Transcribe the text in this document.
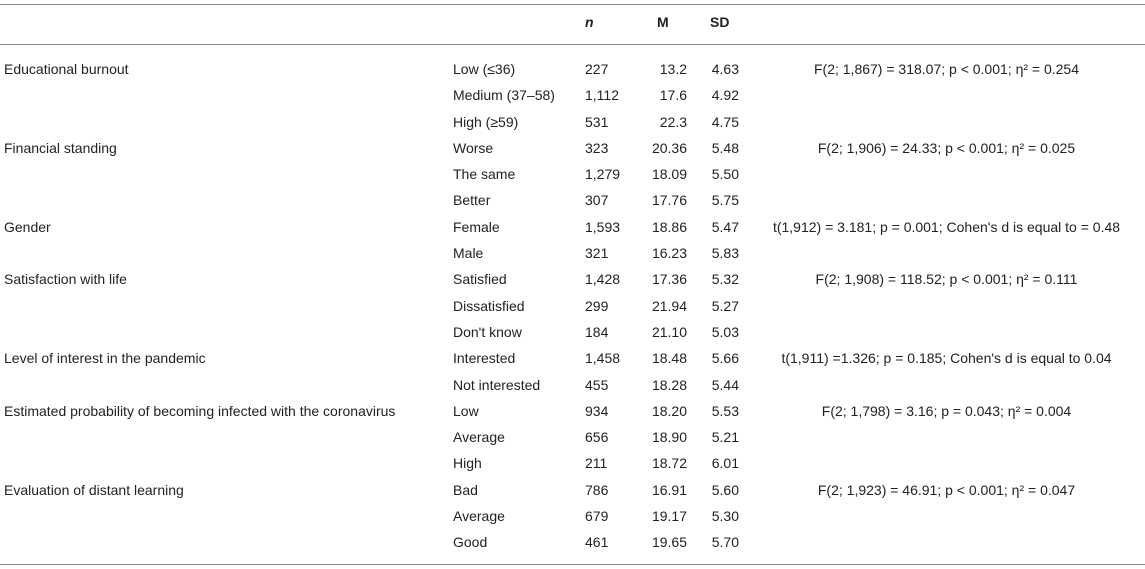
n	M	SD
Educational burnout	Low (≤36)	227	13.2	4.63	F(2; 1,867) = 318.07; p < 0.001; η² = 0.254
Medium (37–58) 1,112	17.6	4.92
High (≥59)	531	22.3	4.75
Financial standing	Worse	323	20.36	5.48	F(2; 1,906) = 24.33; p < 0.001; η² = 0.025
The same	1,279	18.09	5.50
Better	307	17.76	5.75
Gender	Female	1,593	18.86	5.47	t(1,912) = 3.181; p = 0.001; Cohen's d is equal to = 0.48
Male	321	16.23	5.83
Satisfaction with life	Satisfied	1,428	17.36	5.32	F(2; 1,908) = 118.52; p < 0.001; η² = 0.111
Dissatisfied	299	21.94	5.27
Don't know	184	21.10	5.03
Level of interest in the pandemic	Interested	1,458	18.48	5.66	t(1,911) =1.326; p = 0.185; Cohen's d is equal to 0.04
Not interested	455	18.28	5.44
Estimated probability of becoming infected with the coronavirus	Low	934	18.20	5.53	F(2; 1,798) = 3.16; p = 0.043; η² = 0.004
Average	656	18.90	5.21
High	211	18.72	6.01
Evaluation of distant learning	Bad	786	16.91	5.60	F(2; 1,923) = 46.91; p < 0.001; η² = 0.047
Average	679	19.17	5.30
Good	461	19.65	5.70
